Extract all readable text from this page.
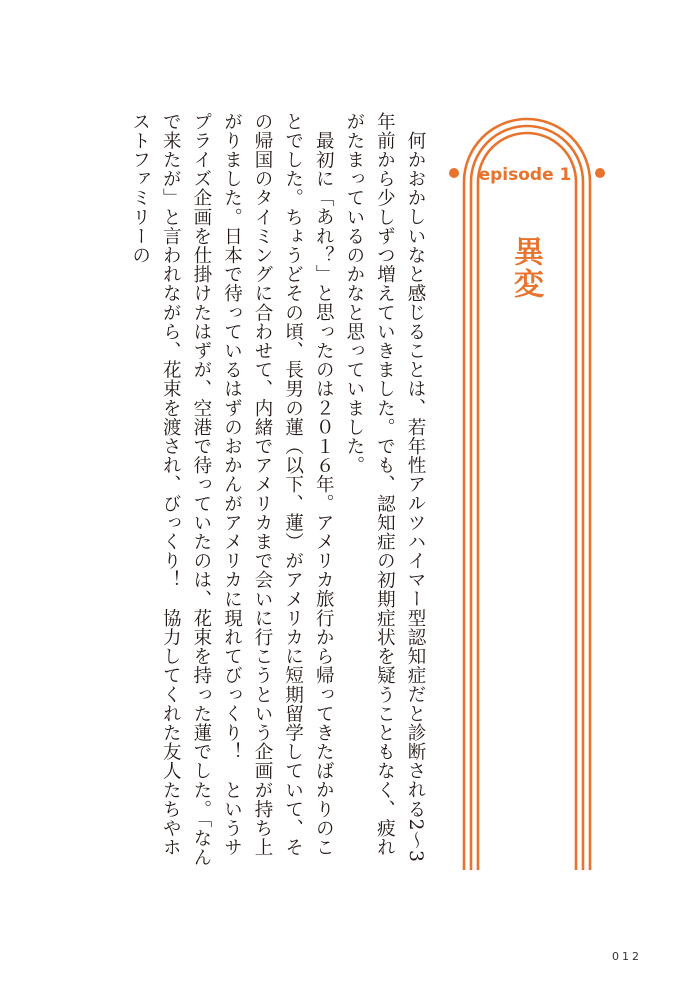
episode 1
異変

何かおかしいなと感じることは、若年性アルツハイマー型認知症だと診断される2〜3年前から少しずつ増えていきました。でも、認知症の初期症状を疑うこともなく、疲れがたまっているのかなと思っていました。

最初に「あれ？」と思ったのは２０１６年。アメリカ旅行から帰ってきたばかりのことでした。ちょうどその頃、長男の蓮（以下、蓮）がアメリカに短期留学していて、その帰国のタイミングに合わせて、内緒でアメリカまで会いに行こうという企画が持ち上がりました。日本で待っているはずのおかんがアメリカに現れてびっくり！　というサプライズ企画を仕掛けたはずが、空港で待っていたのは、花束を持った蓮でした。「なんで来たが」と言われながら、花束を渡され、びっくり！　協力してくれた友人たちやホストファミリーの

012
